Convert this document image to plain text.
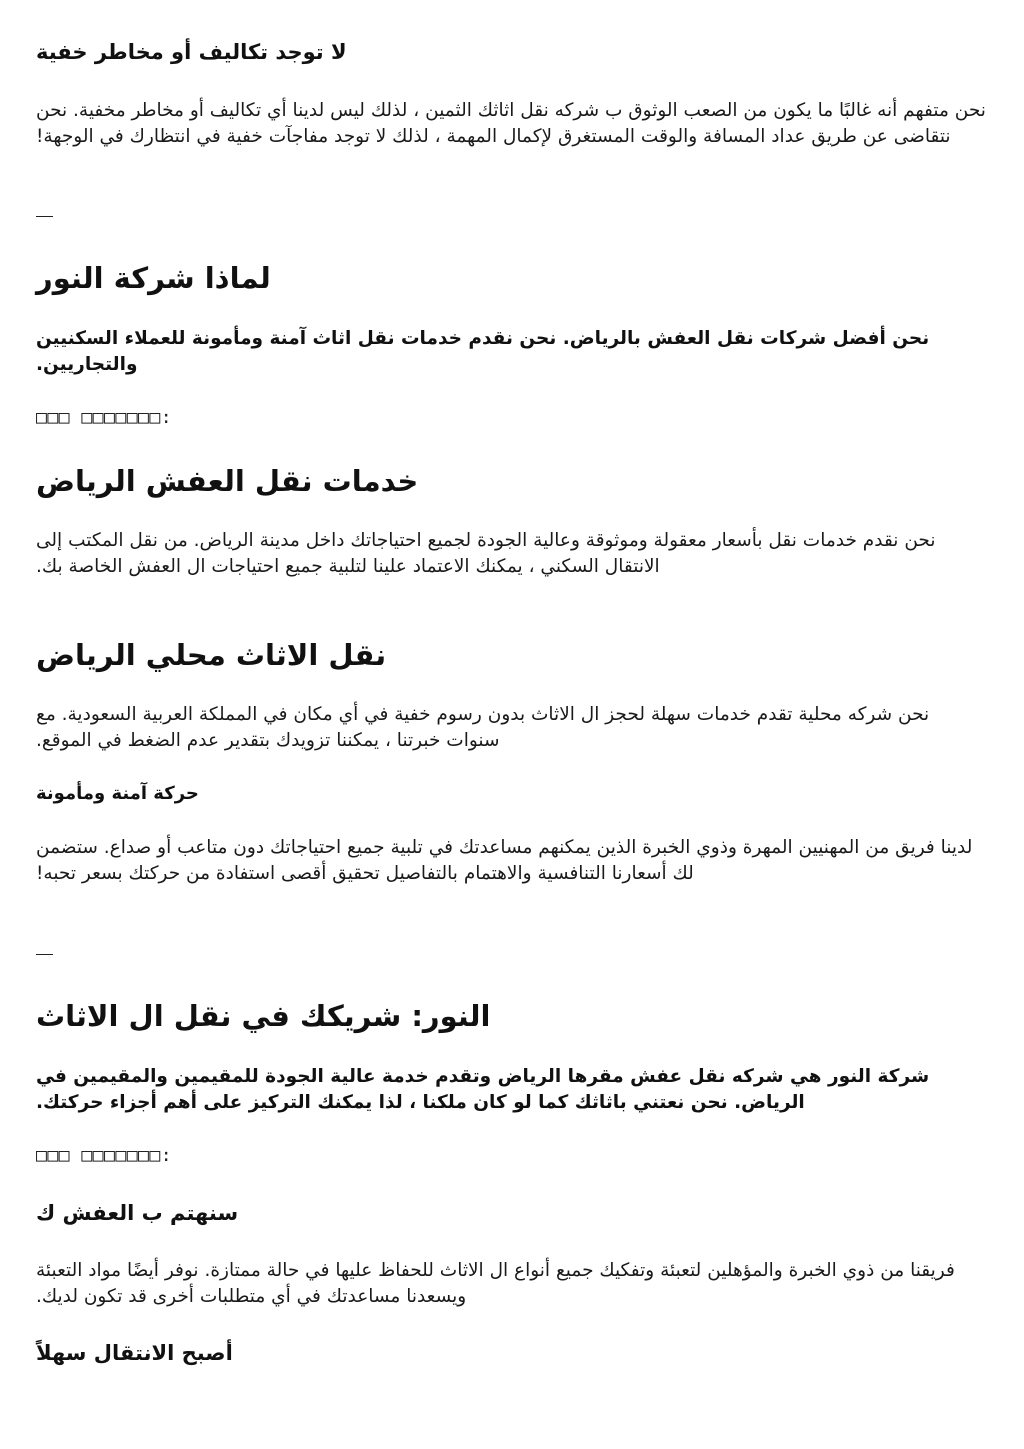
لا توجد تكاليف أو مخاطر خفية

نحن متفهم أنه غالبًا ما يكون من الصعب الوثوق ب شركه نقل اثاثك الثمين ، لذلك ليس لدينا أي تكاليف أو مخاطر مخفية. نحن نتقاضى عن طريق عداد المسافة والوقت المستغرق لإكمال المهمة ، لذلك لا توجد مفاجآت خفية في انتظارك في الوجهة!

لماذا شركة النور

نحن أفضل شركات نقل العفش بالرياض. نحن نقدم خدمات نقل اثاث آمنة ومأمونة للعملاء السكنيين والتجاريين.

□□□ □□□□□□□:
خدمات نقل العفش الرياض

نحن نقدم خدمات نقل بأسعار معقولة وموثوقة وعالية الجودة لجميع احتياجاتك داخل مدينة الرياض. من نقل المكتب إلى الانتقال السكني ، يمكنك الاعتماد علينا لتلبية جميع احتياجات ال العفش الخاصة بك.

نقل الاثاث محلي الرياض

نحن شركه محلية تقدم خدمات سهلة لحجز ال الاثاث بدون رسوم خفية في أي مكان في المملكة العربية السعودية. مع سنوات خبرتنا ، يمكننا تزويدك بتقدير عدم الضغط في الموقع.

حركة آمنة ومأمونة

لدينا فريق من المهنيين المهرة وذوي الخبرة الذين يمكنهم مساعدتك في تلبية جميع احتياجاتك دون متاعب أو صداع. ستضمن لك أسعارنا التنافسية والاهتمام بالتفاصيل تحقيق أقصى استفادة من حركتك بسعر تحبه!

النور: شريكك في نقل ال الاثاث

شركة النور هي شركه نقل عفش مقرها الرياض وتقدم خدمة عالية الجودة للمقيمين والمقيمين في الرياض. نحن نعتني باثاثك كما لو كان ملكنا ، لذا يمكنك التركيز على أهم أجزاء حركتك.

□□□ □□□□□□□:
سنهتم ب العفش ك

فريقنا من ذوي الخبرة والمؤهلين لتعبئة وتفكيك جميع أنواع ال الاثاث للحفاظ عليها في حالة ممتازة. نوفر أيضًا مواد التعبئة ويسعدنا مساعدتك في أي متطلبات أخرى قد تكون لديك.

أصبح الانتقال سهلاً
